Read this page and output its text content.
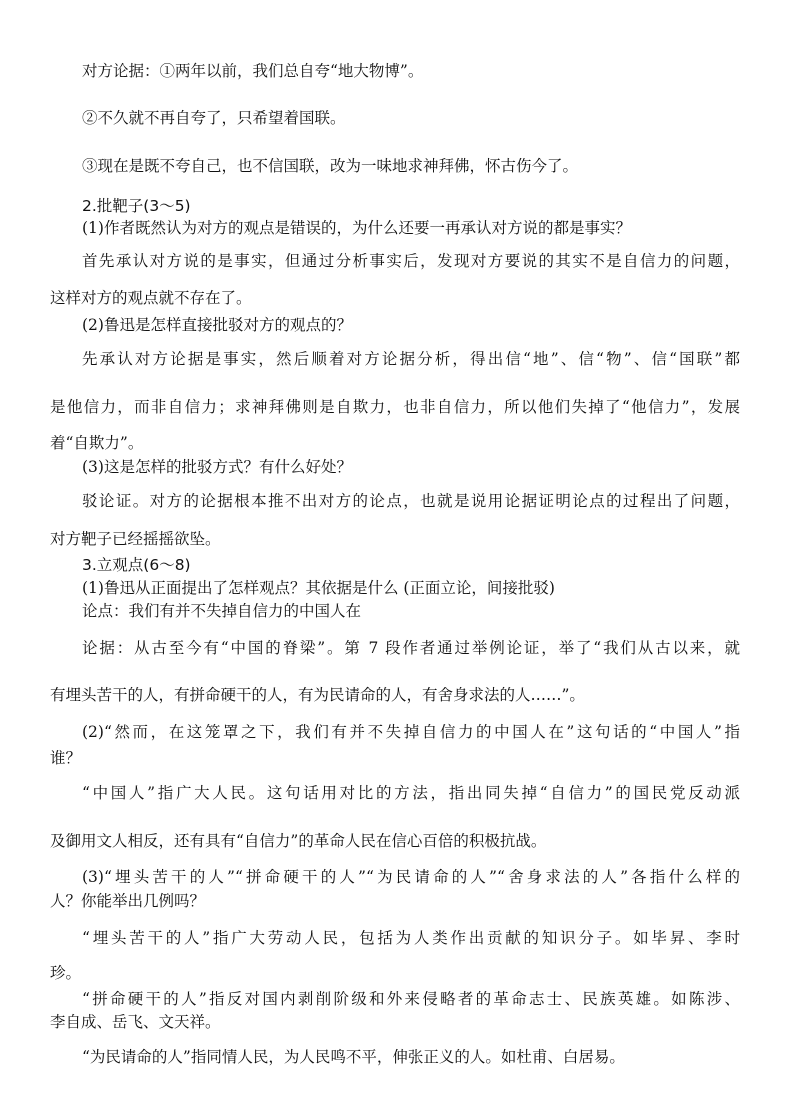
对方论据：①两年以前，我们总自夸“地大物博”。
②不久就不再自夸了，只希望着国联。
③现在是既不夸自己，也不信国联，改为一味地求神拜佛，怀古伤今了。
2.批靶子(3～5)
(1)作者既然认为对方的观点是错误的，为什么还要一再承认对方说的都是事实？
首先承认对方说的是事实，但通过分析事实后，发现对方要说的其实不是自信力的问题，
这样对方的观点就不存在了。
(2)鲁迅是怎样直接批驳对方的观点的？
先承认对方论据是事实，然后顺着对方论据分析，得出信“地”、信“物”、信“国联”都
是他信力，而非自信力；求神拜佛则是自欺力，也非自信力，所以他们失掉了“他信力”，发展
着“自欺力”。
(3)这是怎样的批驳方式？有什么好处？
驳论证。对方的论据根本推不出对方的论点，也就是说用论据证明论点的过程出了问题，
对方靶子已经摇摇欲坠。
3.立观点(6～8)
(1)鲁迅从正面提出了怎样观点？其依据是什么 (正面立论，间接批驳)
论点：我们有并不失掉自信力的中国人在
论据：从古至今有“中国的脊梁”。第 7 段作者通过举例论证，举了“我们从古以来，就
有埋头苦干的人，有拼命硬干的人，有为民请命的人，有舍身求法的人……”。
(2)“然而，在这笼罩之下，我们有并不失掉自信力的中国人在”这句话的“中国人”指
谁？
“中国人”指广大人民。这句话用对比的方法，指出同失掉“自信力”的国民党反动派
及御用文人相反，还有具有“自信力”的革命人民在信心百倍的积极抗战。
(3)“埋头苦干的人”“拼命硬干的人”“为民请命的人”“舍身求法的人”各指什么样的
人？你能举出几例吗？
“埋头苦干的人”指广大劳动人民，包括为人类作出贡献的知识分子。如毕昇、李时
珍。
“拼命硬干的人”指反对国内剥削阶级和外来侵略者的革命志士、民族英雄。如陈涉、
李自成、岳飞、文天祥。
“为民请命的人”指同情人民，为人民鸣不平，伸张正义的人。如杜甫、白居易。
